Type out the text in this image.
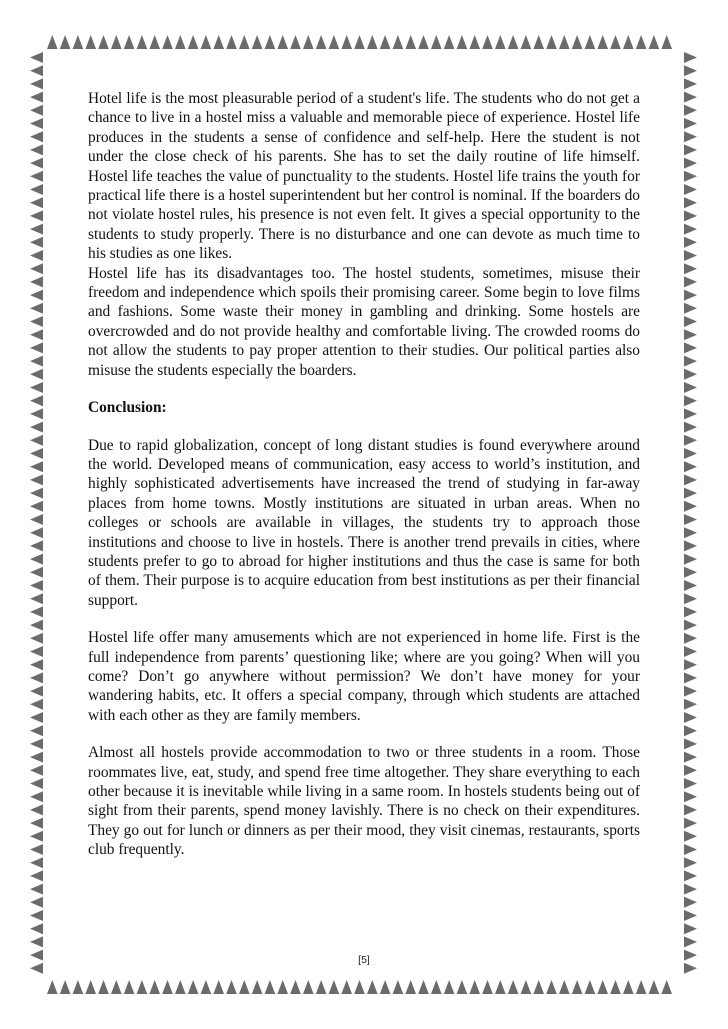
Hotel life is the most pleasurable period of a student's life. The students who do not get a chance to live in a hostel miss a valuable and memorable piece of experience. Hostel life produces in the students a sense of confidence and self-help. Here the student is not under the close check of his parents. She has to set the daily routine of life himself. Hostel life teaches the value of punctuality to the students. Hostel life trains the youth for practical life there is a hostel superintendent but her control is nominal. If the boarders do not violate hostel rules, his presence is not even felt. It gives a special opportunity to the students to study properly. There is no disturbance and one can devote as much time to his studies as one likes.

Hostel life has its disadvantages too. The hostel students, sometimes, misuse their freedom and independence which spoils their promising career. Some begin to love films and fashions. Some waste their money in gambling and drinking. Some hostels are overcrowded and do not provide healthy and comfortable living. The crowded rooms do not allow the students to pay proper attention to their studies. Our political parties also misuse the students especially the boarders.

Conclusion:

Due to rapid globalization, concept of long distant studies is found everywhere around the world. Developed means of communication, easy access to world’s institution, and highly sophisticated advertisements have increased the trend of studying in far-away places from home towns. Mostly institutions are situated in urban areas. When no colleges or schools are available in villages, the students try to approach those institutions and choose to live in hostels. There is another trend prevails in cities, where students prefer to go to abroad for higher institutions and thus the case is same for both of them. Their purpose is to acquire education from best institutions as per their financial support.

Hostel life offer many amusements which are not experienced in home life. First is the full independence from parents’ questioning like; where are you going? When will you come? Don’t go anywhere without permission? We don’t have money for your wandering habits, etc. It offers a special company, through which students are attached with each other as they are family members.

Almost all hostels provide accommodation to two or three students in a room. Those roommates live, eat, study, and spend free time altogether. They share everything to each other because it is inevitable while living in a same room. In hostels students being out of sight from their parents, spend money lavishly. There is no check on their expenditures. They go out for lunch or dinners as per their mood, they visit cinemas, restaurants, sports club frequently.

[5]
